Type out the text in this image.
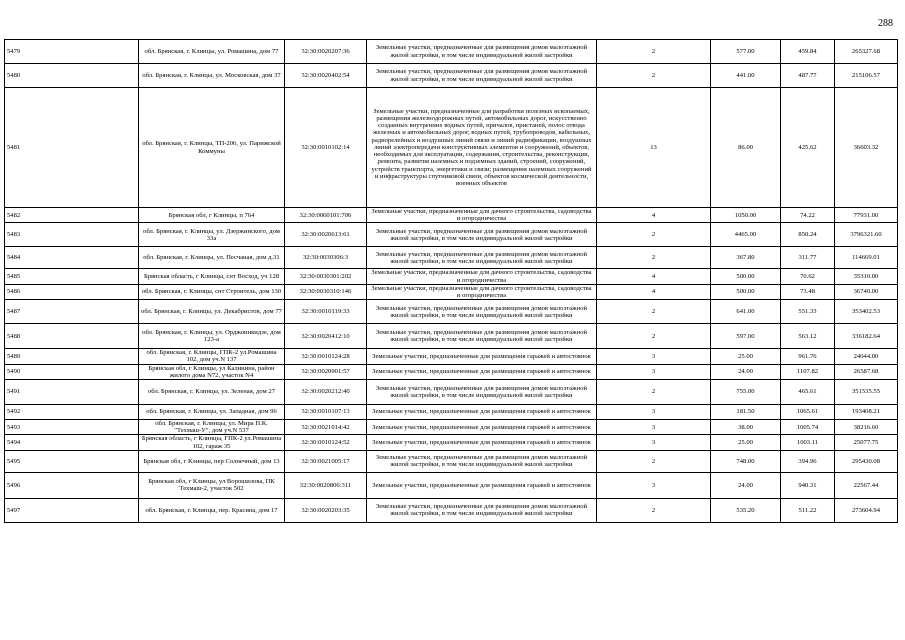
288
5479	обл. Брянская, г. Клинцы, ул. Ромашина, дом 77	32:30:0020207:36	Земельные участки, предназначенные для размещения домов малоэтажной жилой застройки, в том числе индивидуальной жилой застройки	2	577.00	459.84	265327.68
5480	обл. Брянская, г. Клинцы, ул. Московская, дом 37	32:30:0020402:54	Земельные участки, предназначенные для размещения домов малоэтажной жилой застройки, в том числе индивидуальной жилой застройки	2	441.00	487.77	215106.57
5481	обл. Брянская, г. Клинцы, ТП-206, ул. Парижской Коммуны	32:30:0010102:14	Земельные участки, предназначенные для разработки полезных ископаемых, размещения железнодорожных путей, автомобильных дорог, искусственно созданных внутренних водных путей, причалов, пристаней, полос отвода железных и автомобильных дорог, водных путей, трубопроводов, кабельных, радиорелейных и воздушных линий связи и линий радиофикации, воздушных линий электропередачи конструктивных элементов и сооружений, объектов, необходимых для эксплуатации, содержания, строительства, реконструкции, ремонта, развития наземных и подземных зданий, строений, сооружений, устройств транспорта, энергетики и связи; размещения наземных сооружений и инфраструктуры спутниковой связи, объектов космической деятельности, военных объектов	13	86.00	425.62	36603.32
5482	Брянская обл, г Клинцы, п 764	32:30:0060101:706	Земельные участки, предназначенные для дачного строительства, садоводства и огородничества	4	1050.00	74.22	77931.00
5483	обл. Брянская, г. Клинцы, ул. Дзержинского, дом 33а	32:30:0020613:61	Земельные участки, предназначенные для размещения домов малоэтажной жилой застройки, в том числе индивидуальной жилой застройки	2	4465.00	850.24	3796321.60
5484	обл. Брянская, г. Клинцы, ул. Песчаная, дом д.31	32:30:0030306:3	Земельные участки, предназначенные для размещения домов малоэтажной жилой застройки, в том числе индивидуальной жилой застройки	2	367.80	311.77	114669.01
5485	Брянская область, г Клинцы, снт Восход, уч 128	32:30:0030301:202	Земельные участки, предназначенные для дачного строительства, садоводства и огородничества	4	500.00	70.62	35310.00
5486	обл. Брянская, г. Клинцы, снт Строитель, дом 130	32:30:0030310:146	Земельные участки, предназначенные для дачного строительства, садоводства и огородничества	4	500.00	73.48	36740.00
5487	обл. Брянская, г. Клинцы, ул. Декабристов, дом 77	32:30:0010119:33	Земельные участки, предназначенные для размещения домов малоэтажной жилой застройки, в том числе индивидуальной жилой застройки	2	641.00	551.33	353402.53
5488	обл. Брянская, г. Клинцы, ул. Орджоникидзе, дом 123-а	32:30:0020412:10	Земельные участки, предназначенные для размещения домов малоэтажной жилой застройки, в том числе индивидуальной жилой застройки	2	597.00	563.12	336182.64
5489	обл. Брянская, г. Клинцы, ГПК-2 ул.Ромашина 102, дом уч.N 137	32:30:0010124:28	Земельные участки, предназначенные для размещения гаражей и автостоянок	3	25.00	961.76	24044.00
5490	Брянская обл, г Клинцы, ул Калинина, район жилого дома N72, участок N4	32:30:0020901:57	Земельные участки, предназначенные для размещения гаражей и автостоянок	3	24.00	1107.82	26587.68
5491	обл. Брянская, г. Клинцы, ул. Зеленая, дом 27	32:30:0020212:40	Земельные участки, предназначенные для размещения домов малоэтажной жилой застройки, в том числе индивидуальной жилой застройки	2	755.00	465.61	351535.55
5492	обл. Брянская, г. Клинцы, ул. Западная, дом 96	32:30:0010107:13	Земельные участки, предназначенные для размещения гаражей и автостоянок	3	181.50	1065.61	193408.21
5493	обл. Брянская, г. Клинцы, ул. Мира П.К. "Техмаш-У", дом уч.N 537	32:30:0021014:42	Земельные участки, предназначенные для размещения гаражей и автостоянок	3	38.00	1005.74	38216.60
5494	Брянская область, г Клинцы, ГПК-2 ул.Ромашина 102, гараж 35	32:30:0010124:52	Земельные участки, предназначенные для размещения гаражей и автостоянок	3	25.00	1003.11	25077.75
5495	Брянская обл, г Клинцы, пер Солнечный, дом 13	32:30:0021005:17	Земельные участки, предназначенные для размещения домов малоэтажной жилой застройки, в том числе индивидуальной жилой застройки	2	748.00	394.96	295430.08
5496	Брянская обл, г Клинцы, ул Ворошилова, ПК Техмаш-2, участок 502	32:30:0020806:311	Земельные участки, предназначенные для размещения гаражей и автостоянок	3	24.00	940.31	22567.44
5497	обл. Брянская, г. Клинцы, пер. Красина, дом 17	32:30:0020203:35	Земельные участки, предназначенные для размещения домов малоэтажной жилой застройки, в том числе индивидуальной жилой застройки	2	535.20	511.22	273604.94
